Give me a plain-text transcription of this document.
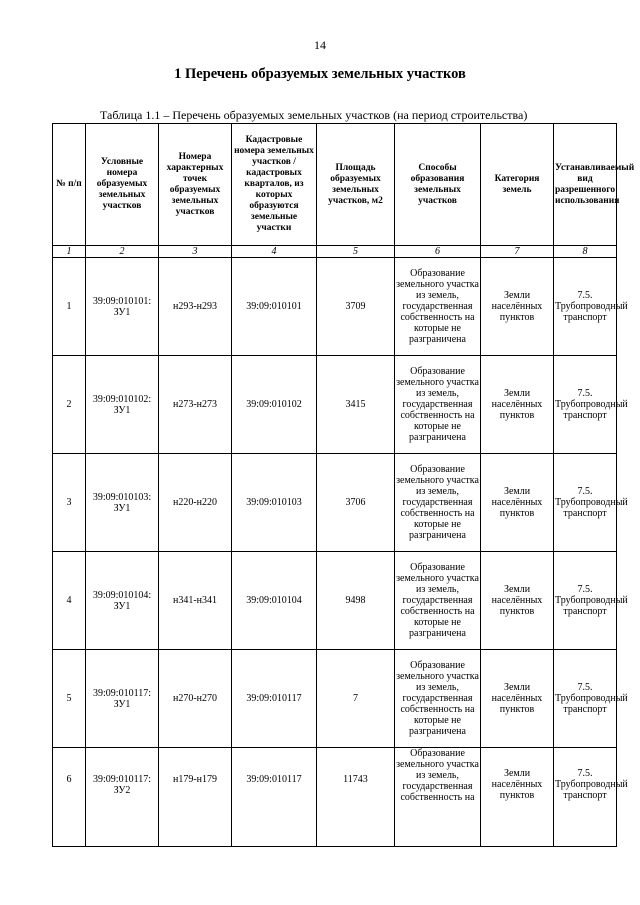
14
1 Перечень образуемых земельных участков
Таблица 1.1 – Перечень образуемых земельных участков (на период строительства)
№ п/п	Условные номера образуемых земельных участков	Номера характерных точек образуемых земельных участков	Кадастровые номера земельных участков / кадастровых кварталов, из которых образуются земельные участки	Площадь образуемых земельных участков, м2	Способы образования земельных участков	Категория земель	Устанавливаемый вид разрешенного использования
1	2	3	4	5	6	7	8
1	39:09:010101: ЗУ1	н293-н293	39:09:010101	3709	Образование земельного участка из земель, государственная собственность на которые не разграничена	Земли населённых пунктов	7.5. Трубопроводный транспорт
2	39:09:010102: ЗУ1	н273-н273	39:09:010102	3415	Образование земельного участка из земель, государственная собственность на которые не разграничена	Земли населённых пунктов	7.5. Трубопроводный транспорт
3	39:09:010103: ЗУ1	н220-н220	39:09:010103	3706	Образование земельного участка из земель, государственная собственность на которые не разграничена	Земли населённых пунктов	7.5. Трубопроводный транспорт
4	39:09:010104: ЗУ1	н341-н341	39:09:010104	9498	Образование земельного участка из земель, государственная собственность на которые не разграничена	Земли населённых пунктов	7.5. Трубопроводный транспорт
5	39:09:010117: ЗУ1	н270-н270	39:09:010117	7	Образование земельного участка из земель, государственная собственность на которые не разграничена	Земли населённых пунктов	7.5. Трубопроводный транспорт
6	39:09:010117: ЗУ2	н179-н179	39:09:010117	11743	Образование земельного участка из земель, государственная собственность на	Земли населённых пунктов	7.5. Трубопроводный транспорт
